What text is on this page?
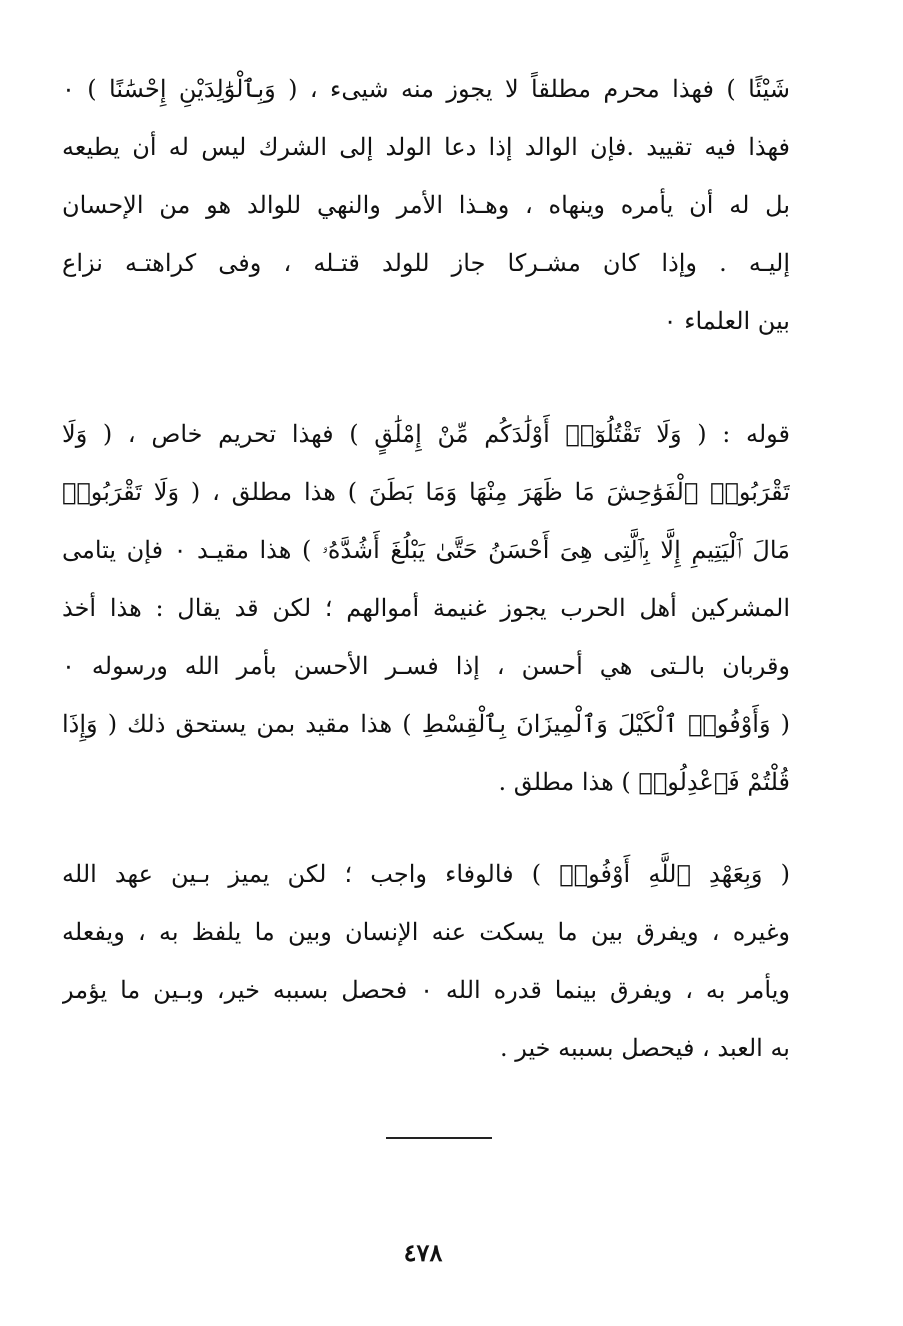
شَيْئًا ) فهذا محرم مطلقاً لا يجوز منه شيىء ، ( وَبِٱلْوَٰلِدَيْنِ إِحْسَٰنًا ) ٠
فهذا فيه تقييد .فإن الوالد إذا دعا الولد إلى الشرك ليس له أن يطيعه
بل له أن يأمره وينهاه ، وهـذا الأمر والنهي للوالد هو من الإحسان
إليـه . وإذا كان مشـركا جاز للولد قتـله ، وفى كراهتـه نزاع
بين العلماء ٠
قوله : ( وَلَا تَقْتُلُوٓا۟ أَوْلَٰدَكُم مِّنْ إِمْلَٰقٍ ) فهذا تحريم خاص ، ( وَلَا
تَقْرَبُوا۟ ٱلْفَوَٰحِشَ مَا ظَهَرَ مِنْهَا وَمَا بَطَنَ ) هذا مطلق ، ( وَلَا تَقْرَبُوا۟
مَالَ ٱلْيَتِيمِ إِلَّا بِٱلَّتِى هِىَ أَحْسَنُ حَتَّىٰ يَبْلُغَ أَشُدَّهُۥ ) هذا مقيـد ٠ فإن يتامى
المشركين أهل الحرب يجوز غنيمة أموالهم ؛ لكن قد يقال : هذا أخذ
وقربان بالـتى هي أحسن ، إذا فسـر الأحسن بأمر الله ورسوله ٠
( وَأَوْفُوا۟ ٱلْكَيْلَ وَٱلْمِيزَانَ بِٱلْقِسْطِ ) هذا مقيد بمن يستحق ذلك ( وَإِذَا
قُلْتُمْ فَٱعْدِلُوا۟ ) هذا مطلق .
( وَبِعَهْدِ ٱللَّهِ أَوْفُوا۟ ) فالوفاء واجب ؛ لكن يميز بـين عهد الله
وغيره ، ويفرق بين ما يسكت عنه الإنسان وبين ما يلفظ به ، ويفعله
ويأمر به ، ويفرق بينما قدره الله ٠ فحصل بسببه خير، وبـين ما يؤمر
به العبد ، فيحصل بسببه خير .
٤٧٨
